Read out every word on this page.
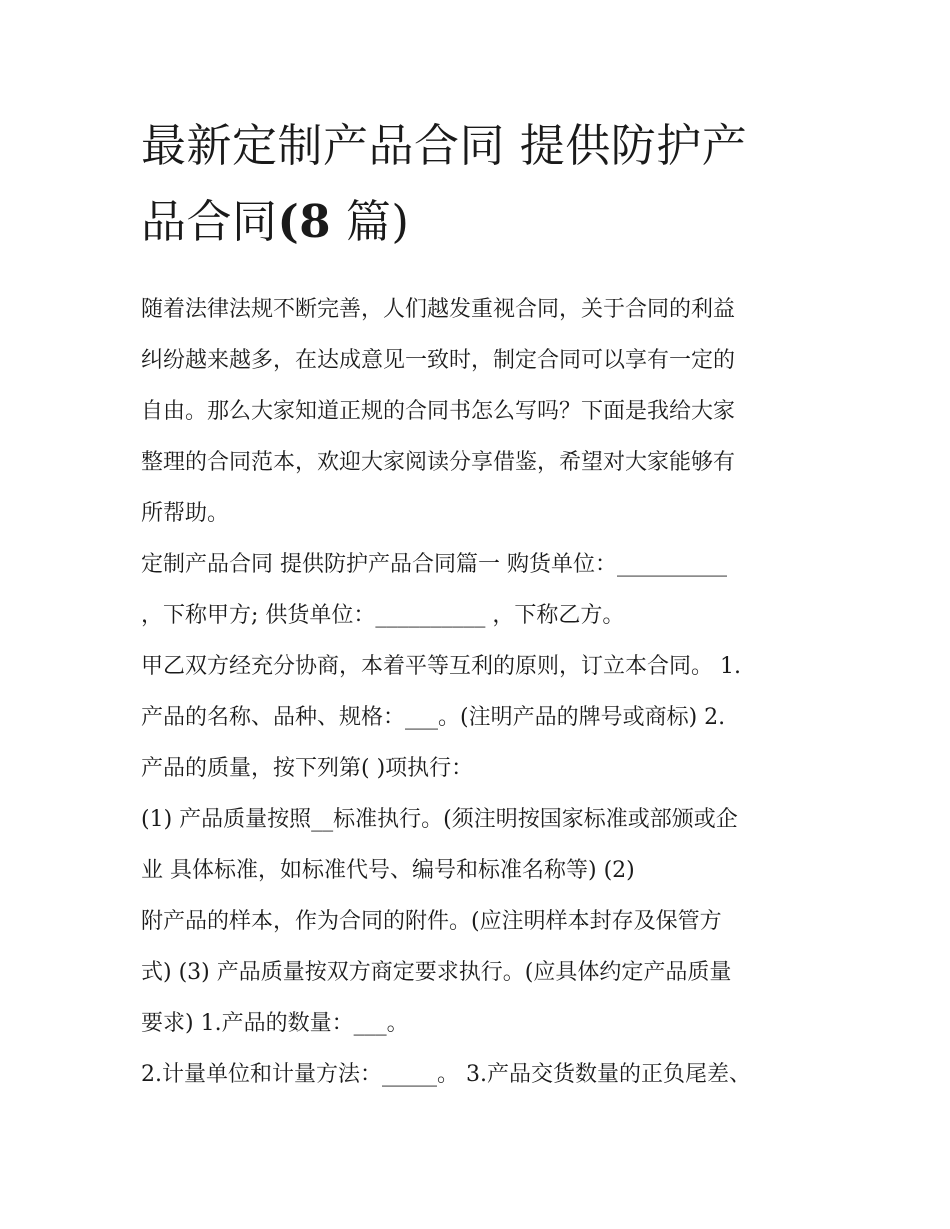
最新定制产品合同 提供防护产
品合同(8 篇)

随着法律法规不断完善，人们越发重视合同，关于合同的利益
纠纷越来越多，在达成意见一致时，制定合同可以享有一定的
自由。那么大家知道正规的合同书怎么写吗？下面是我给大家
整理的合同范本，欢迎大家阅读分享借鉴，希望对大家能够有
所帮助。

定制产品合同 提供防护产品合同篇一 购货单位：__________
，下称甲方; 供货单位：__________ ，下称乙方。

甲乙双方经充分协商，本着平等互利的原则，订立本合同。 1.
产品的名称、品种、规格：___。(注明产品的牌号或商标) 2.
产品的质量，按下列第( )项执行：

(1) 产品质量按照__标准执行。(须注明按国家标准或部颁或企
业 具体标准，如标准代号、编号和标准名称等) (2)
附产品的样本，作为合同的附件。(应注明样本封存及保管方
式) (3) 产品质量按双方商定要求执行。(应具体约定产品质量
要求) 1.产品的数量：___。

2.计量单位和计量方法：_____。 3.产品交货数量的正负尾差、
